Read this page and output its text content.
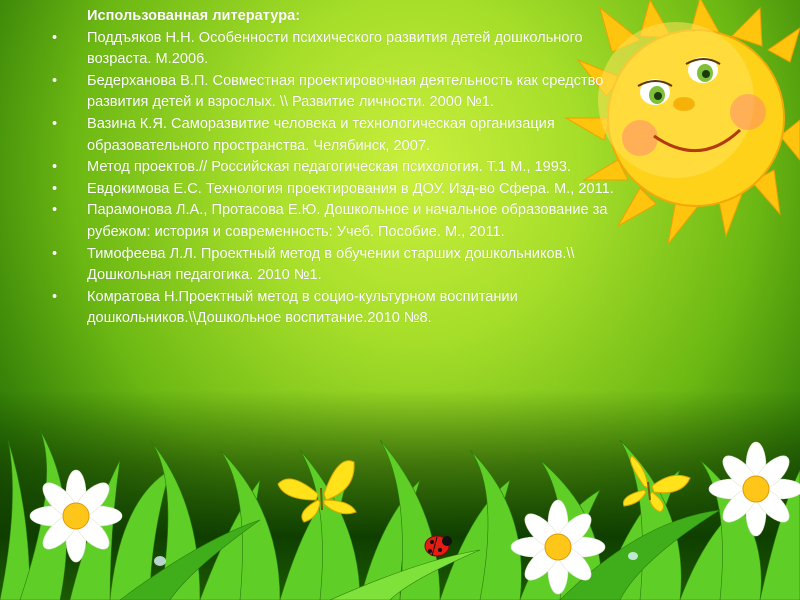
Использованная литература:
• Поддъяков Н.Н. Особенности психического развития детей дошкольного возраста. М.2006.
• Бедерханова В.П. Совместная проектировочная деятельность как средство развития детей и взрослых. \\ Развитие личности. 2000 №1.
• Вазина К.Я. Саморазвитие человека и технологическая организация образовательного пространства. Челябинск, 2007.
• Метод проектов.// Российская педагогическая психология. Т.1 М., 1993.
• Евдокимова Е.С. Технология проектирования в ДОУ. Изд-во Сфера. М., 2011.
• Парамонова Л.А., Протасова Е.Ю. Дошкольное и начальное образование за рубежом: история и современность: Учеб. Пособие. М., 2011.
• Тимофеева Л.Л. Проектный метод в обучении старших дошкольников.\\ Дошкольная педагогика. 2010 №1.
• Комратова Н.Проектный метод в социо-культурном воспитании дошкольников.\\Дошкольное воспитание.2010 №8.
